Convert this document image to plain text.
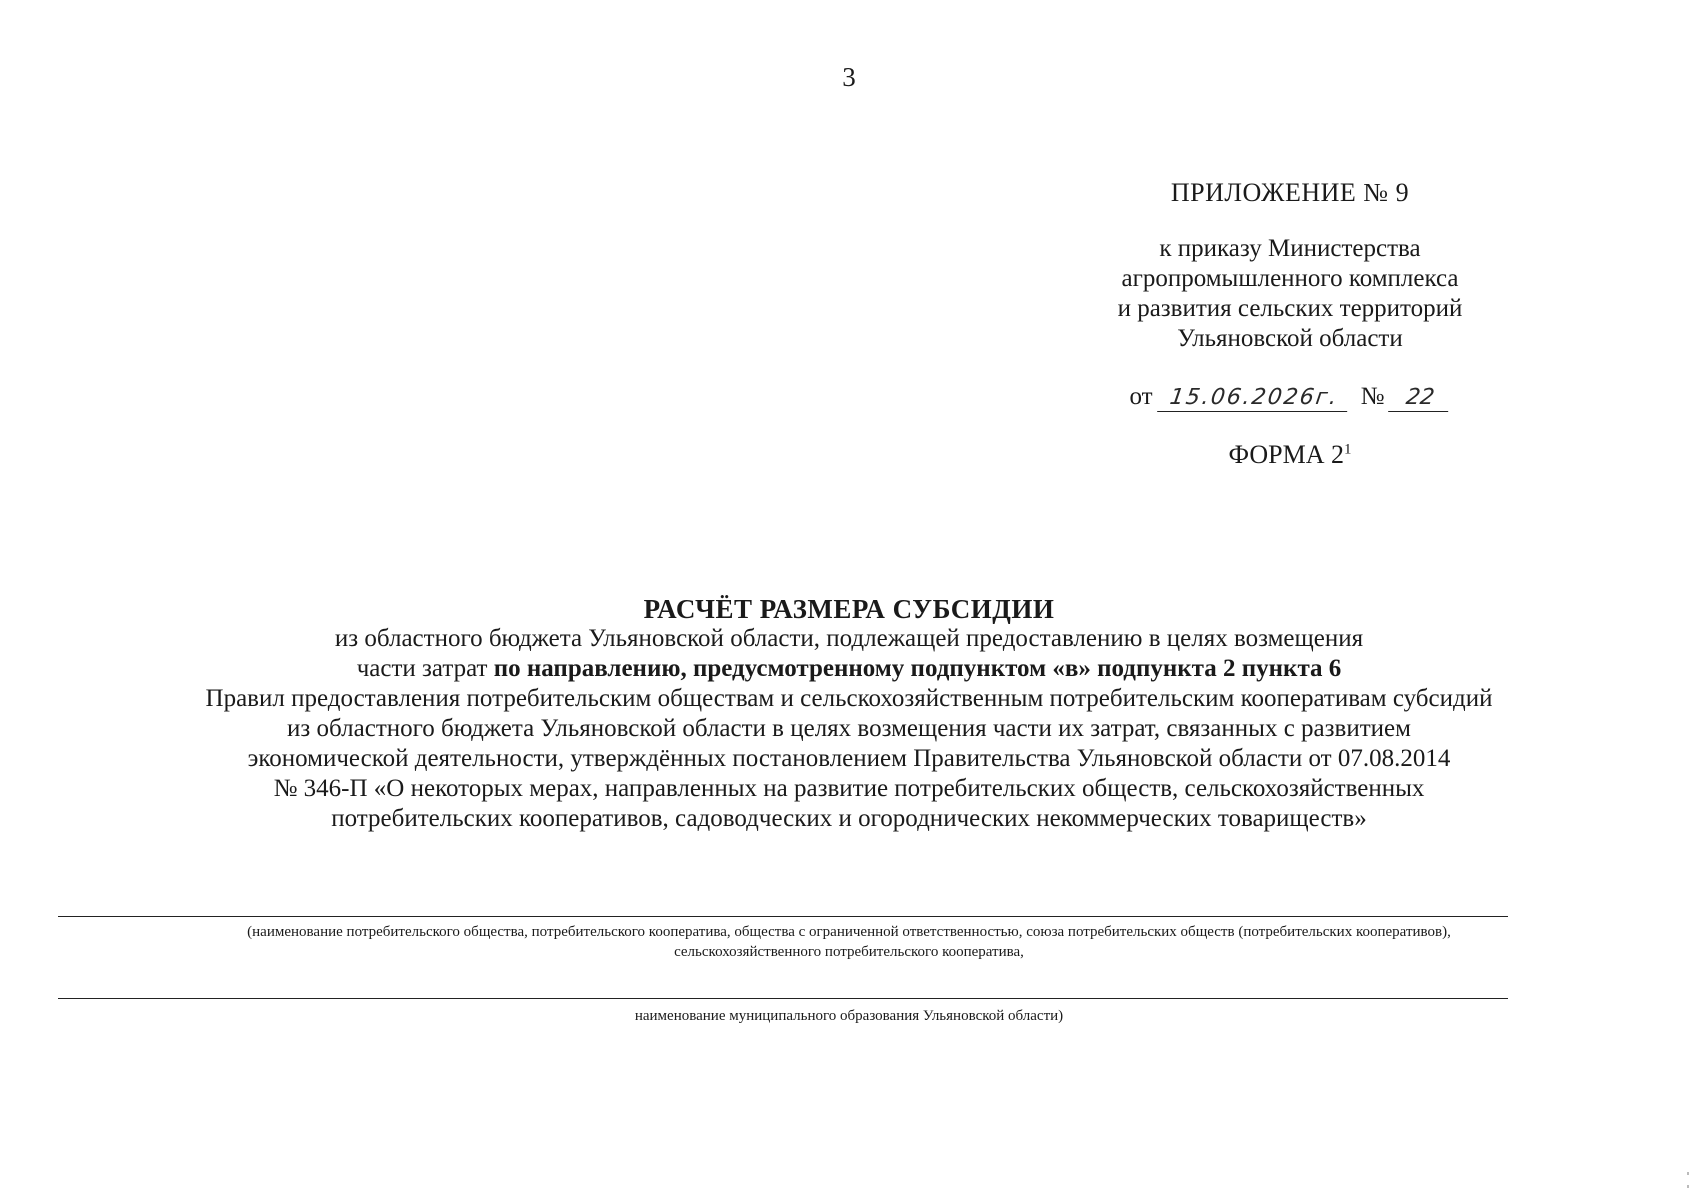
3
ПРИЛОЖЕНИЕ № 9
к приказу Министерства
агропромышленного комплекса
и развития сельских территорий
Ульяновской области
от 15.06.2026г. № 22
ФОРМА $2^1$

РАСЧЁТ РАЗМЕРА СУБСИДИИ

из областного бюджета Ульяновской области, подлежащей предоставлению в целях возмещения

части затрат по направлению, предусмотренному подпунктом «в» подпункта 2 пункта 6

Правил предоставления потребительским обществам и сельскохозяйственным потребительским кооперативам субсидий

из областного бюджета Ульяновской области в целях возмещения части их затрат, связанных с развитием

экономической деятельности, утверждённых постановлением Правительства Ульяновской области от 07.08.2014

№ 346-П «О некоторых мерах, направленных на развитие потребительских обществ, сельскохозяйственных

потребительских кооперативов, садоводческих и огороднических некоммерческих товариществ»

(наименование потребительского общества, потребительского кооператива, общества с ограниченной ответственностью, союза потребительских обществ (потребительских кооперативов),
сельскохозяйственного потребительского кооператива,
наименование муниципального образования Ульяновской области)
